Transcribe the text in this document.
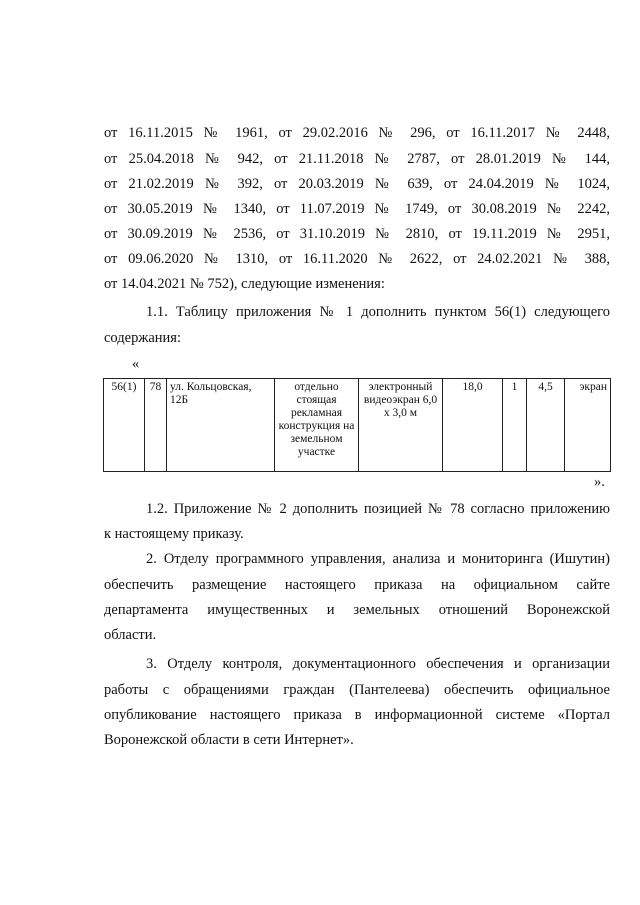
от 16.11.2015 № 1961, от 29.02.2016 № 296, от 16.11.2017 № 2448,
от 25.04.2018 № 942, от 21.11.2018 № 2787, от 28.01.2019 № 144,
от 21.02.2019 № 392, от 20.03.2019 № 639, от 24.04.2019 № 1024,
от 30.05.2019 № 1340, от 11.07.2019 № 1749, от 30.08.2019 № 2242,
от 30.09.2019 № 2536, от 31.10.2019 № 2810, от 19.11.2019 № 2951,
от 09.06.2020 № 1310, от 16.11.2020 № 2622, от 24.02.2021 № 388,
от 14.04.2021 № 752), следующие изменения:
1.1. Таблицу приложения № 1 дополнить пунктом 56(1) следующего
содержания:
«
56(1)	78	ул. Кольцовская, 12Б	отдельно стоящая рекламная конструкция на земельном участке	электронный видеоэкран 6,0 х 3,0 м	18,0	1	4,5	экран
».
1.2. Приложение № 2 дополнить позицией № 78 согласно приложению
к настоящему приказу.
2. Отделу программного управления, анализа и мониторинга (Ишутин)
обеспечить размещение настоящего приказа на официальном сайте
департамента имущественных и земельных отношений Воронежской
области.
3. Отделу контроля, документационного обеспечения и организации
работы с обращениями граждан (Пантелеева) обеспечить официальное
опубликование настоящего приказа в информационной системе «Портал
Воронежской области в сети Интернет».
